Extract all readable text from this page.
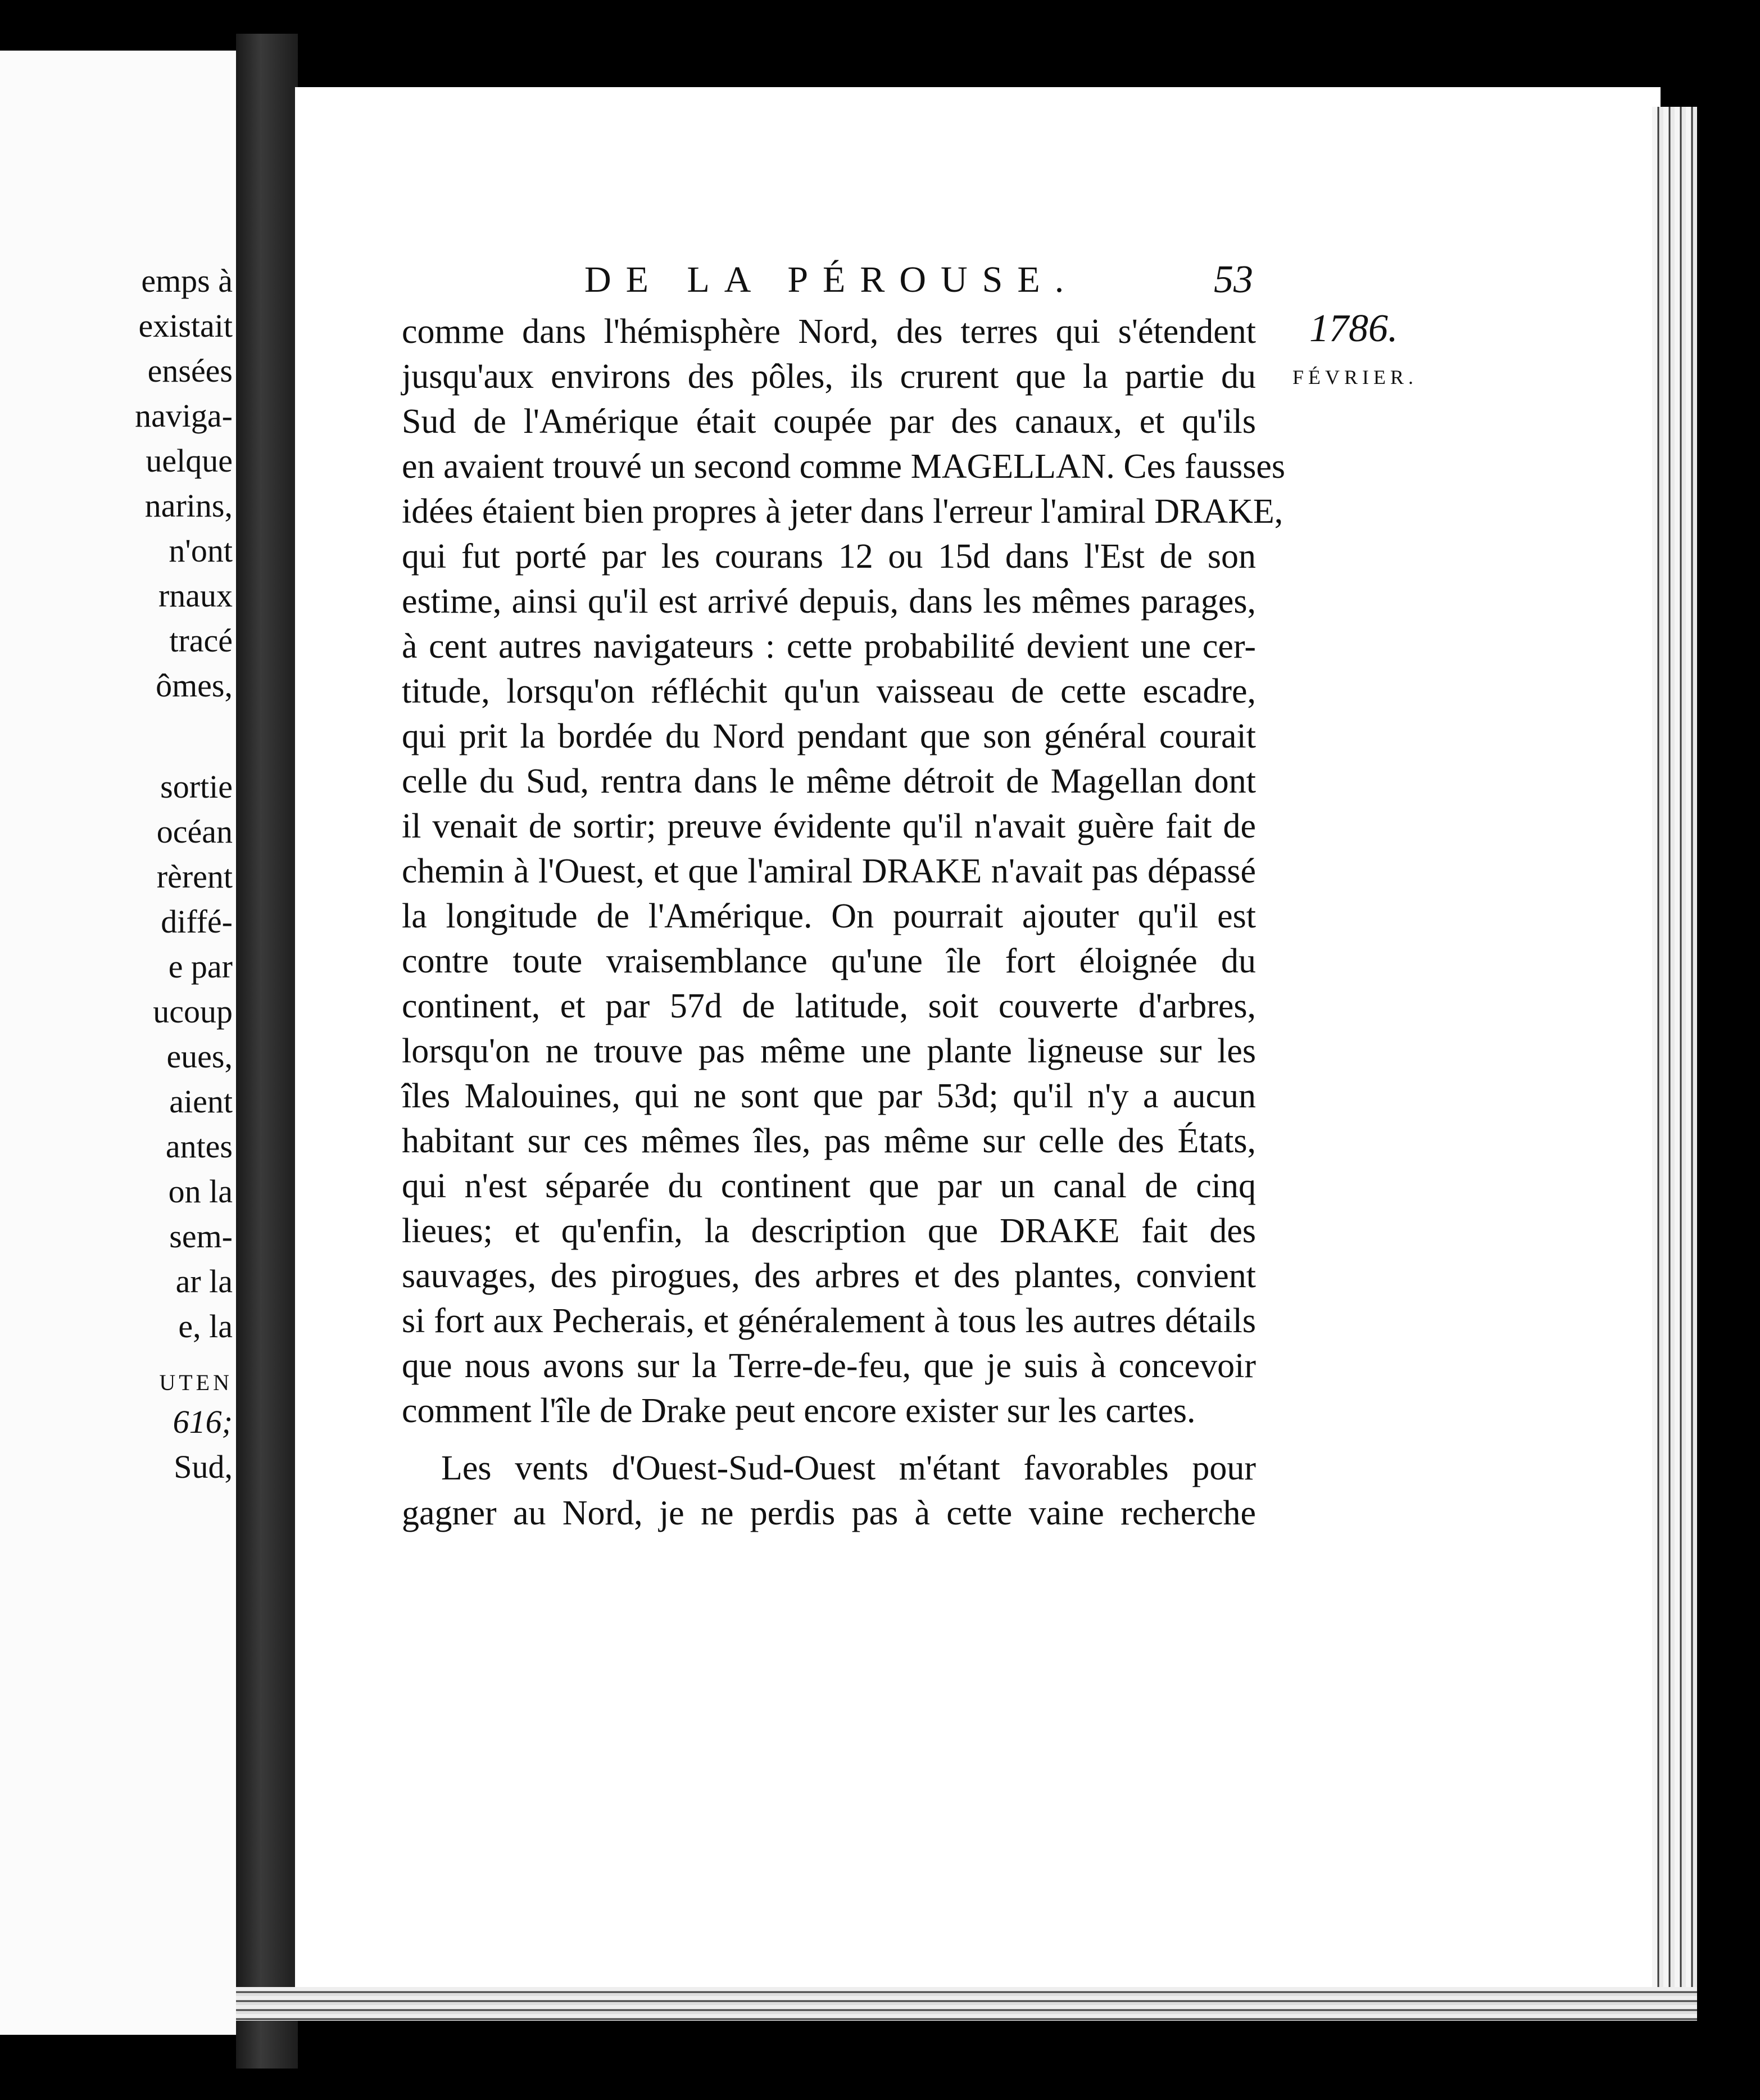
emps à
existait
ensées
naviga-
uelque
narins,
n'ont
rnaux
tracé
ômes,
sortie
océan
rèrent
diffé-
e par
ucoup
eues,
aient
antes
on la
sem-
ar la
e, la
UTEN
616;
Sud,
DE LA PÉROUSE.	53
1786.
FÉVRIER.
comme dans l'hémisphère Nord, des terres qui s'étendent
jusqu'aux environs des pôles, ils crurent que la partie du
Sud de l'Amérique était coupée par des canaux, et qu'ils
en avaient trouvé un second comme MAGELLAN. Ces fausses
idées étaient bien propres à jeter dans l'erreur l'amiral DRAKE,
qui fut porté par les courans 12 ou 15d dans l'Est de son
estime, ainsi qu'il est arrivé depuis, dans les mêmes parages,
à cent autres navigateurs : cette probabilité devient une cer-
titude, lorsqu'on réfléchit qu'un vaisseau de cette escadre,
qui prit la bordée du Nord pendant que son général courait
celle du Sud, rentra dans le même détroit de Magellan dont
il venait de sortir; preuve évidente qu'il n'avait guère fait de
chemin à l'Ouest, et que l'amiral DRAKE n'avait pas dépassé
la longitude de l'Amérique. On pourrait ajouter qu'il est
contre toute vraisemblance qu'une île fort éloignée du
continent, et par 57d de latitude, soit couverte d'arbres,
lorsqu'on ne trouve pas même une plante ligneuse sur les
îles Malouines, qui ne sont que par 53d; qu'il n'y a aucun
habitant sur ces mêmes îles, pas même sur celle des États,
qui n'est séparée du continent que par un canal de cinq
lieues; et qu'enfin, la description que DRAKE fait des
sauvages, des pirogues, des arbres et des plantes, convient
si fort aux Pecherais, et généralement à tous les autres détails
que nous avons sur la Terre-de-feu, que je suis à concevoir
comment l'île de Drake peut encore exister sur les cartes.
Les vents d'Ouest-Sud-Ouest m'étant favorables pour
gagner au Nord, je ne perdis pas à cette vaine recherche
